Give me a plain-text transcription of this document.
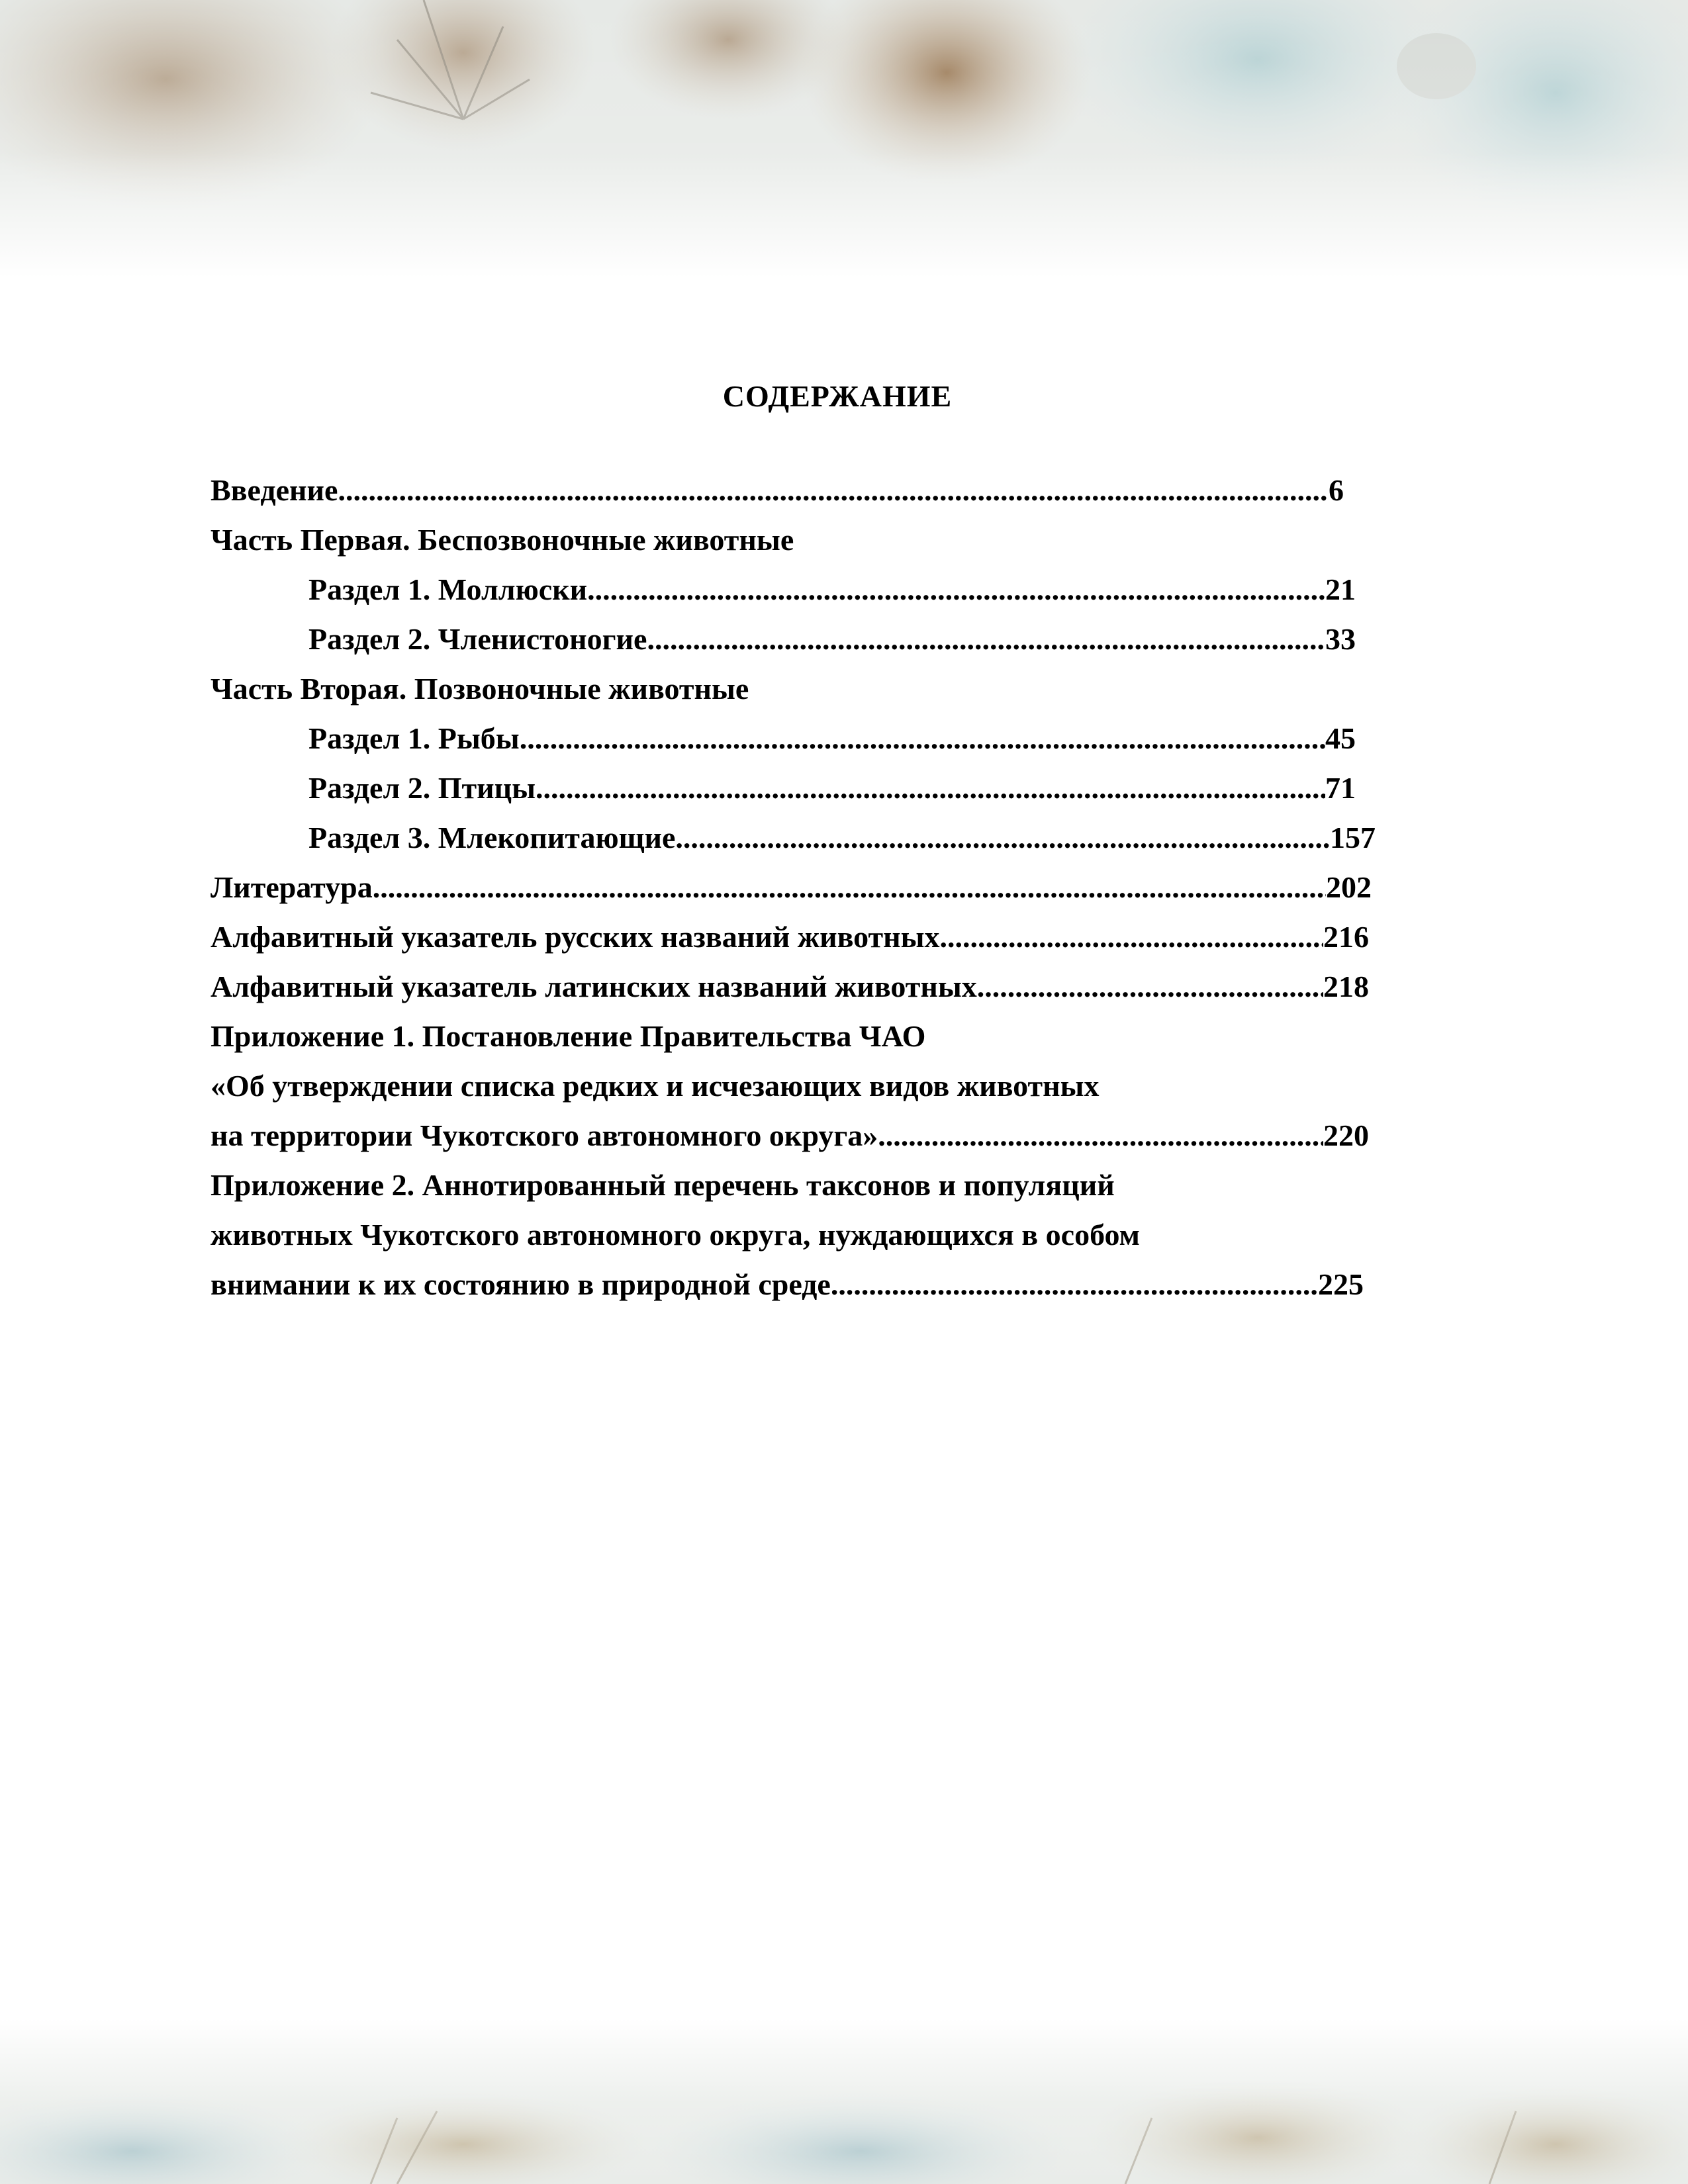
СОДЕРЖАНИЕ
Введение .....	6
Часть Первая. Беспозвоночные животные
Раздел 1. Моллюски .....	21
Раздел 2. Членистоногие .....	33
Часть Вторая. Позвоночные животные
Раздел 1. Рыбы .....	45
Раздел 2. Птицы .....	71
Раздел 3. Млекопитающие .....	157
Литература .....	202
Алфавитный указатель русских названий животных .....	216
Алфавитный указатель латинских названий животных .....	218
Приложение 1. Постановление Правительства ЧАО
«Об утверждении списка редких и исчезающих видов животных
на территории Чукотского автономного округа» .....	220
Приложение 2. Аннотированный перечень таксонов и популяций
животных Чукотского автономного округа, нуждающихся в особом
внимании к их состоянию в природной среде .....	225
